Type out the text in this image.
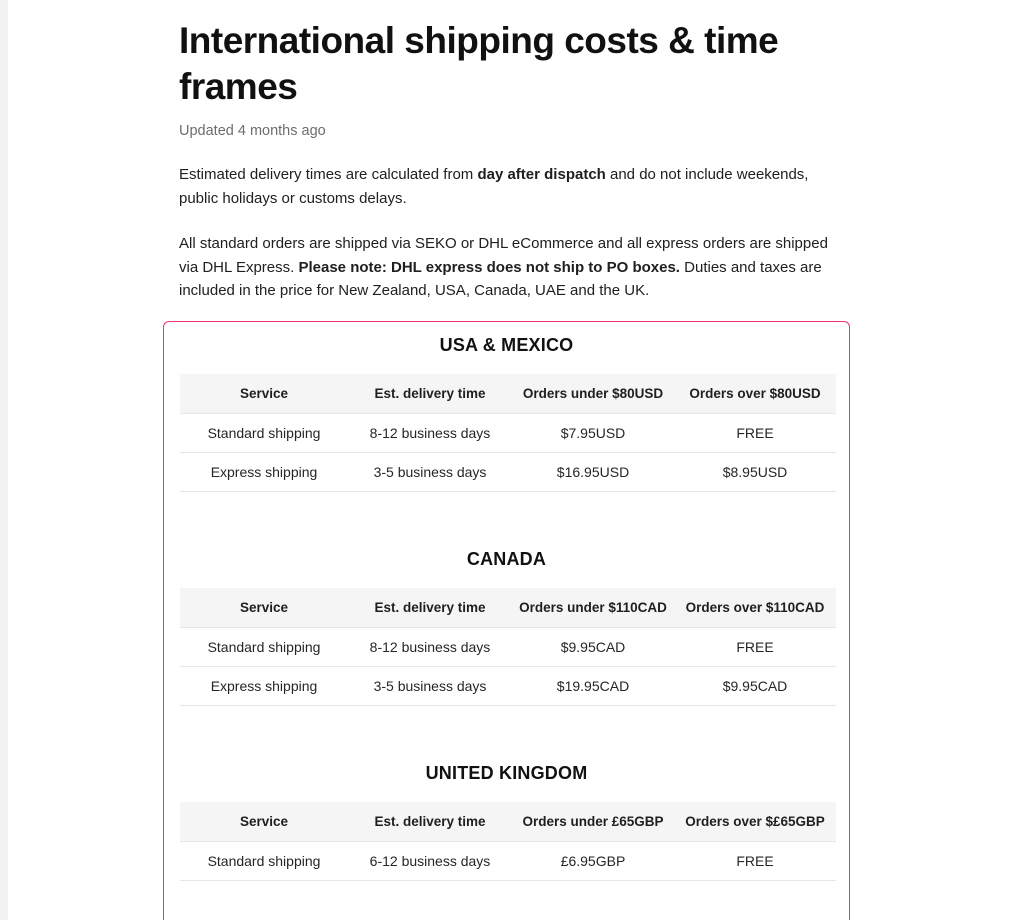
International shipping costs & time frames
Updated 4 months ago

Estimated delivery times are calculated from day after dispatch and do not include weekends, public holidays or customs delays.

All standard orders are shipped via SEKO or DHL eCommerce and all express orders are shipped via DHL Express. Please note: DHL express does not ship to PO boxes. Duties and taxes are included in the price for New Zealand, USA, Canada, UAE and the UK.

USA & MEXICO
Service	Est. delivery time	Orders under $80USD	Orders over $80USD
Standard shipping	8-12 business days	$7.95USD	FREE
Express shipping	3-5 business days	$16.95USD	$8.95USD
CANADA
Service	Est. delivery time	Orders under $110CAD	Orders over $110CAD
Standard shipping	8-12 business days	$9.95CAD	FREE
Express shipping	3-5 business days	$19.95CAD	$9.95CAD
UNITED KINGDOM
Service	Est. delivery time	Orders under £65GBP	Orders over $£65GBP
Standard shipping	6-12 business days	£6.95GBP	FREE
